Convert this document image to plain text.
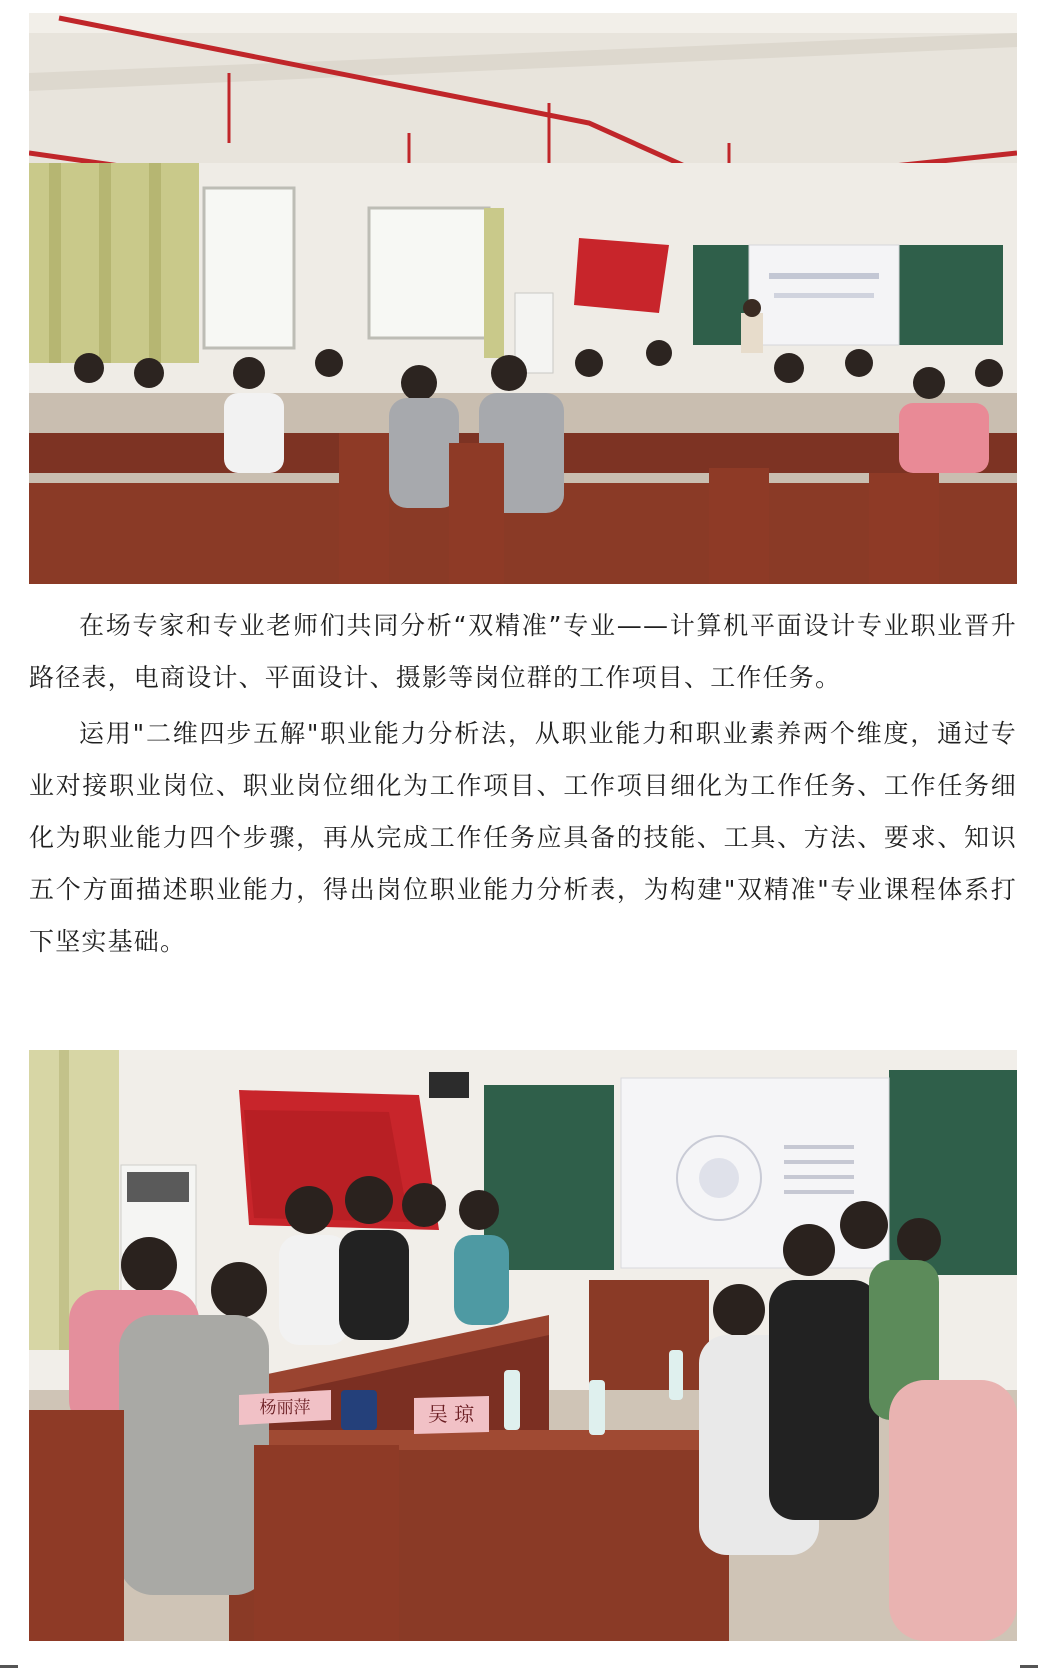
在场专家和专业老师们共同分析“双精准”专业——计算机平面设计专业职业晋升路径表，电商设计、平面设计、摄影等岗位群的工作项目、工作任务。

运用"二维四步五解"职业能力分析法，从职业能力和职业素养两个维度，通过专业对接职业岗位、职业岗位细化为工作项目、工作项目细化为工作任务、工作任务细化为职业能力四个步骤，再从完成工作任务应具备的技能、工具、方法、要求、知识五个方面描述职业能力，得出岗位职业能力分析表，为构建"双精准"专业课程体系打下坚实基础。

杨丽萍	吴 琼
